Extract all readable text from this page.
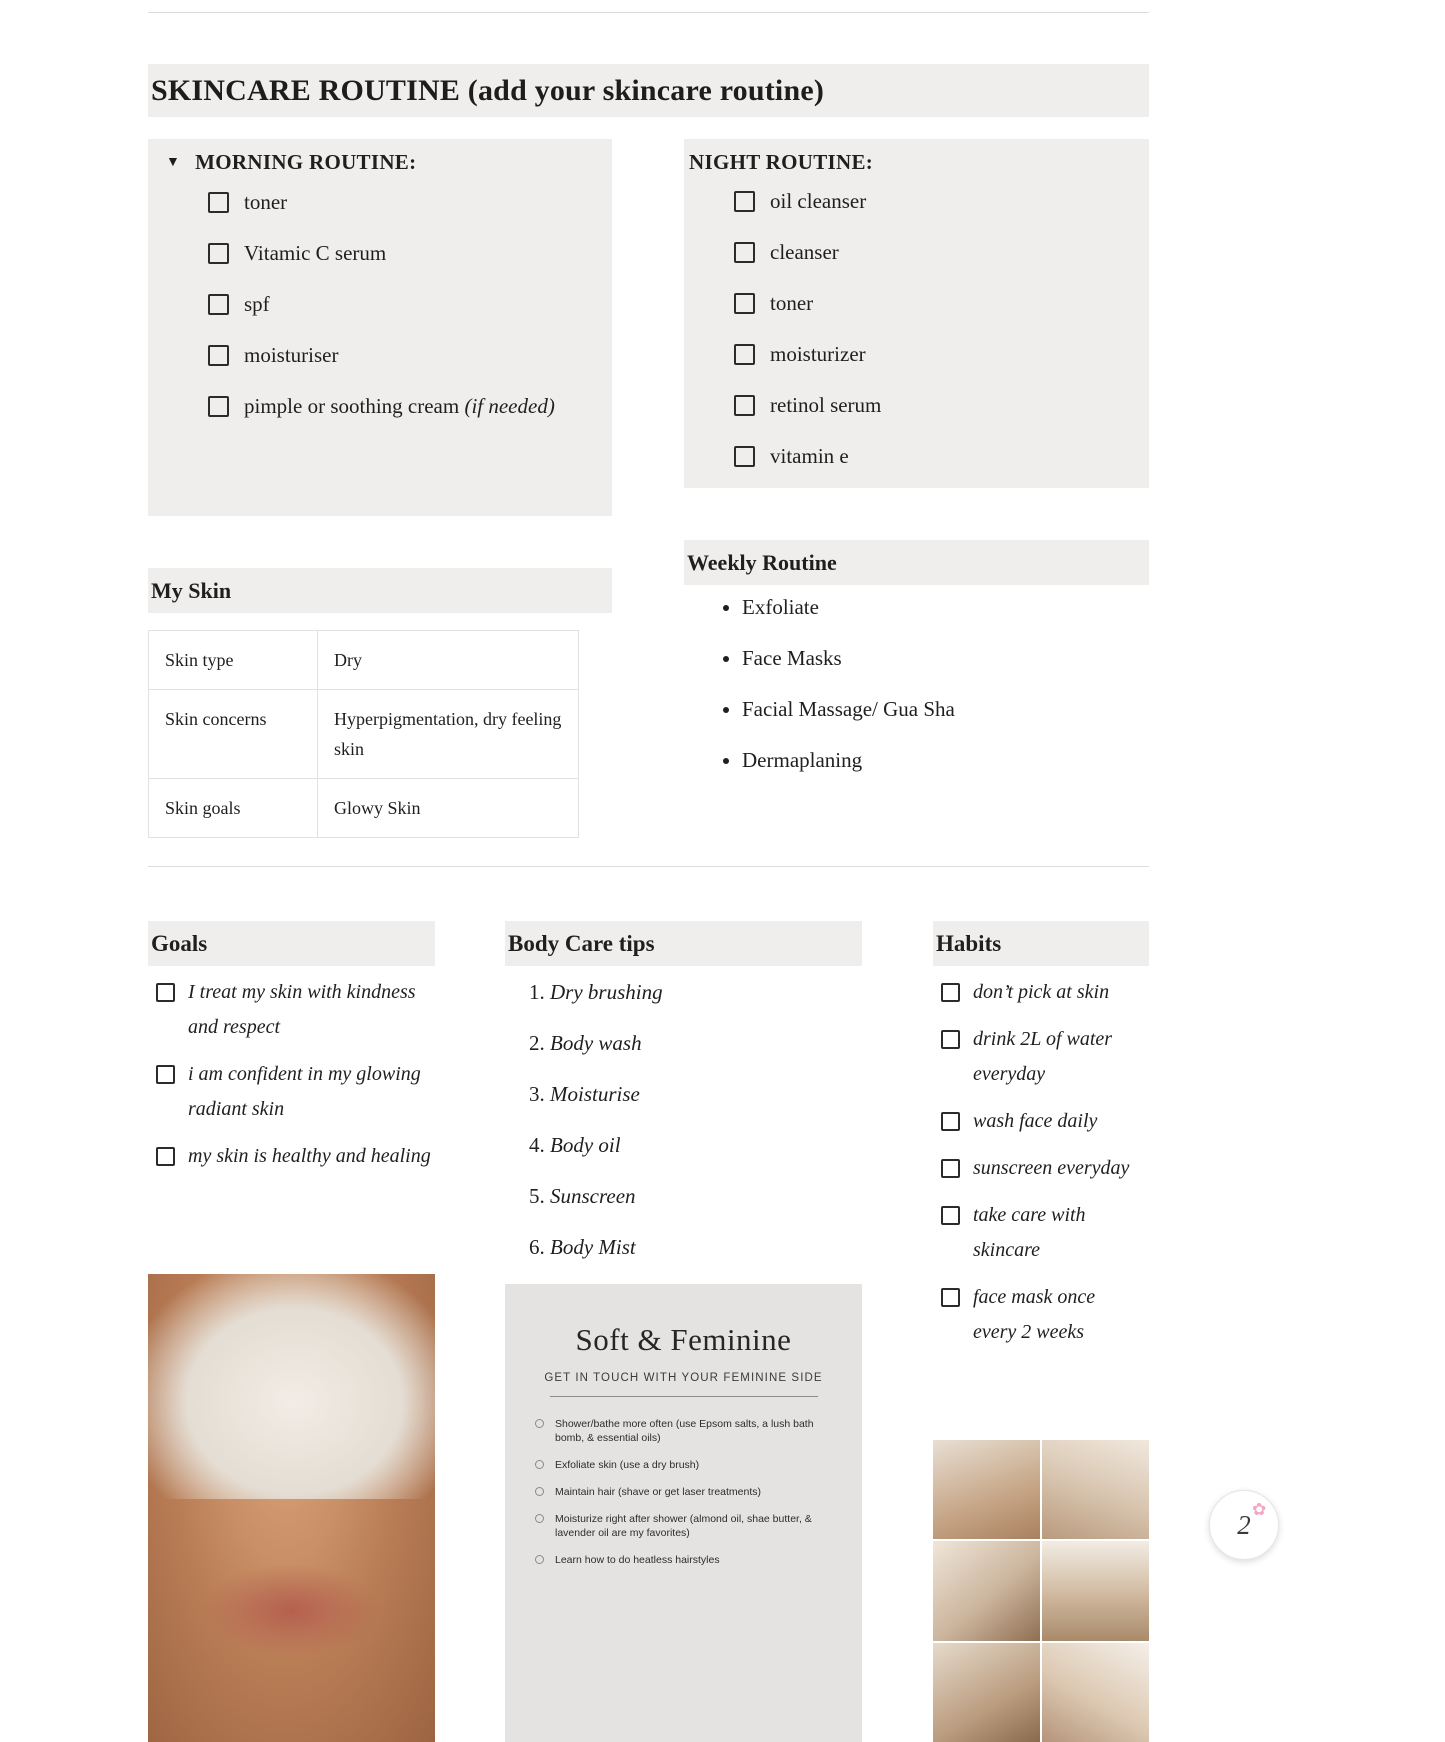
SKINCARE ROUTINE (add your skincare routine)
▼ MORNING ROUTINE:
toner
Vitamic C serum
spf
moisturiser
pimple or soothing cream (if needed)
NIGHT ROUTINE:
oil cleanser
cleanser
toner
moisturizer
retinol serum
vitamin e
My Skin
Skin type	Dry
Skin concerns	Hyperpigmentation, dry feeling skin
Skin goals	Glowy Skin
Weekly Routine
• Exfoliate
• Face Masks
• Facial Massage/ Gua Sha
• Dermaplaning
Goals
I treat my skin with kindness and respect
i am confident in my glowing radiant skin
my skin is healthy and healing
Body Care tips
1. Dry brushing
2. Body wash
3. Moisturise
4. Body oil
5. Sunscreen
6. Body Mist
Habits
don’t pick at skin
drink 2L of water everyday
wash face daily
sunscreen everyday
take care with skincare
face mask once every 2 weeks
Soft & Feminine
GET IN TOUCH WITH YOUR FEMININE SIDE
Shower/bathe more often (use Epsom salts, a lush bath bomb, & essential oils)
Exfoliate skin (use a dry brush)
Maintain hair (shave or get laser treatments)
Moisturize right after shower (almond oil, shae butter, & lavender oil are my favorites)
Learn how to do heatless hairstyles
2 ✿
